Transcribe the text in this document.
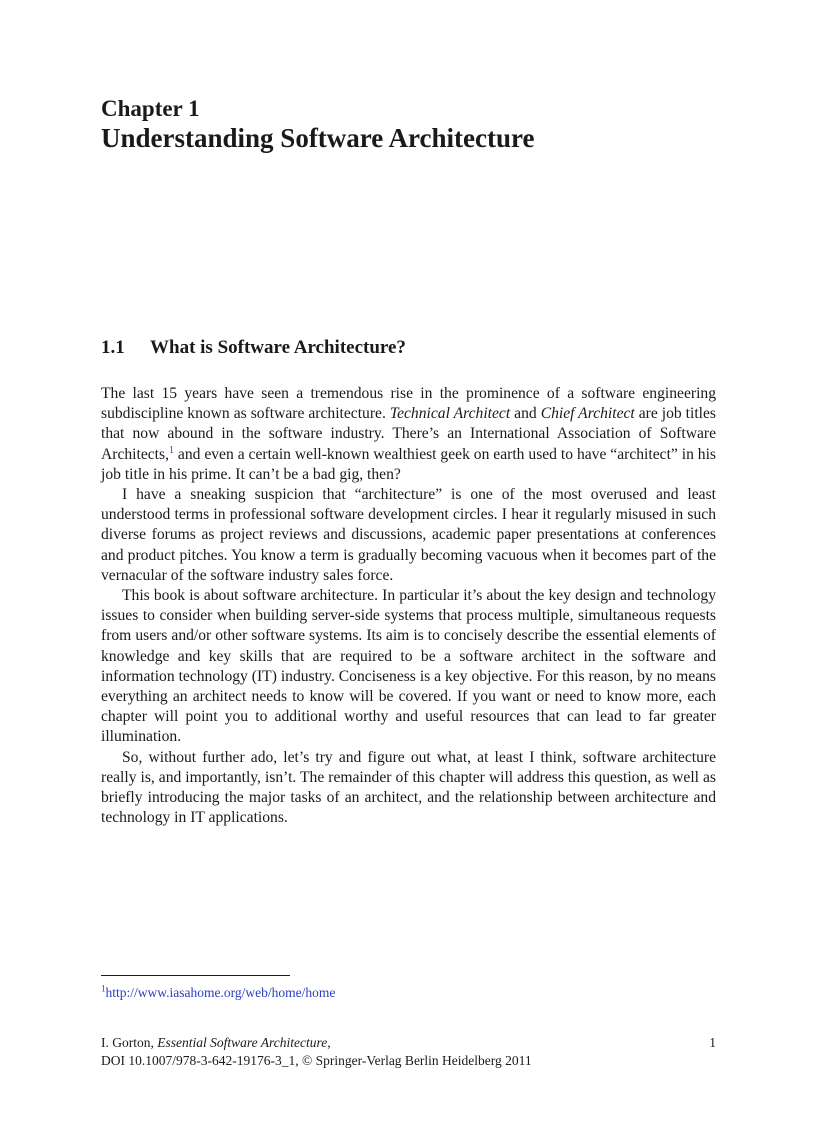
Chapter 1
Understanding Software Architecture
1.1 What is Software Architecture?

The last 15 years have seen a tremendous rise in the prominence of a software engineering subdiscipline known as software architecture. Technical Architect and Chief Architect are job titles that now abound in the software industry. There’s an International Association of Software Architects,$^1$ and even a certain well-known wealthiest geek on earth used to have “architect” in his job title in his prime. It can’t be a bad gig, then?

I have a sneaking suspicion that “architecture” is one of the most overused and least understood terms in professional software development circles. I hear it regularly misused in such diverse forums as project reviews and discussions, academic paper presentations at conferences and product pitches. You know a term is gradually becoming vacuous when it becomes part of the vernacular of the software industry sales force.

This book is about software architecture. In particular it’s about the key design and technology issues to consider when building server-side systems that process multiple, simultaneous requests from users and/or other software systems. Its aim is to concisely describe the essential elements of knowledge and key skills that are required to be a software architect in the software and information technology (IT) industry. Conciseness is a key objective. For this reason, by no means everything an architect needs to know will be covered. If you want or need to know more, each chapter will point you to additional worthy and useful resources that can lead to far greater illumination.

So, without further ado, let’s try and figure out what, at least I think, software architecture really is, and importantly, isn’t. The remainder of this chapter will address this question, as well as briefly introducing the major tasks of an architect, and the relationship between architecture and technology in IT applications.

$^1$http://www.iasahome.org/web/home/home
I. Gorton, Essential Software Architecture,
DOI 10.1007/978-3-642-19176-3_1, © Springer-Verlag Berlin Heidelberg 2011
1
